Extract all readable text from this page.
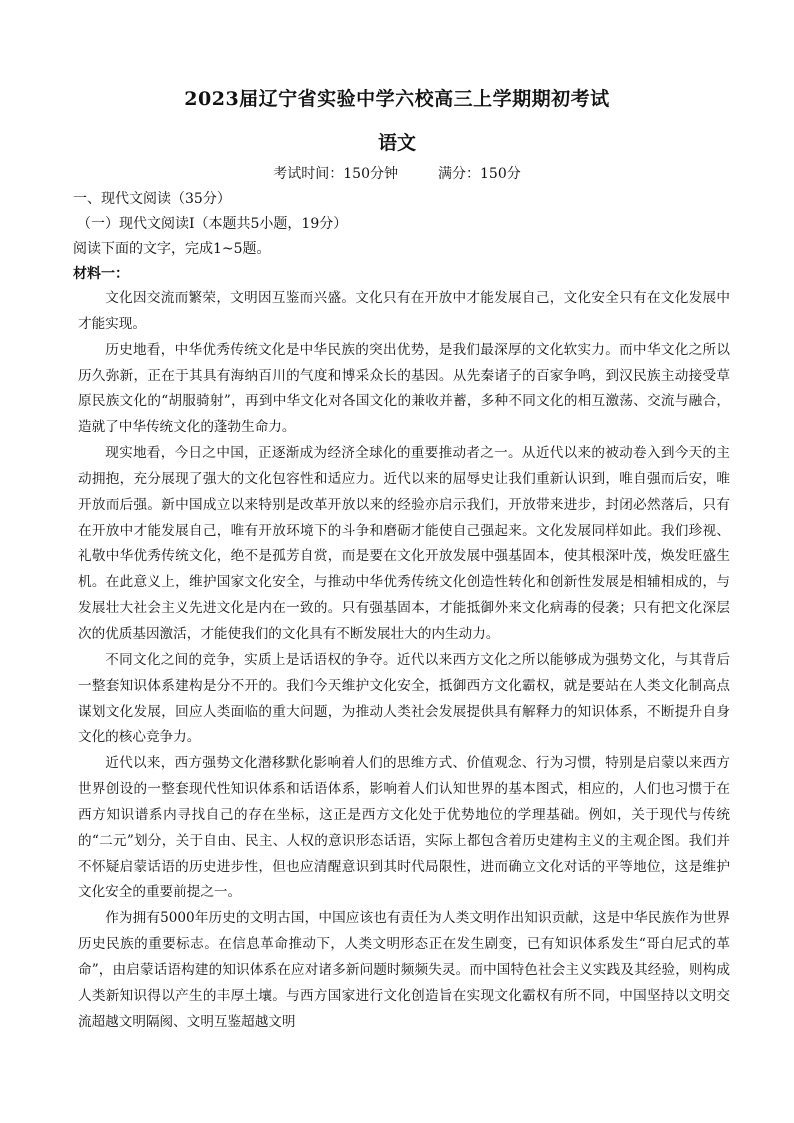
2023届辽宁省实验中学六校高三上学期期初考试
语文
考试时间：150分钟	满分：150分
一、现代文阅读（35分）
（一）现代文阅读Ⅰ（本题共5小题，19分）
阅读下面的文字，完成1~5题。
材料一：

文化因交流而繁荣，文明因互鉴而兴盛。文化只有在开放中才能发展自己，文化安全只有在文化发展中才能实现。

历史地看，中华优秀传统文化是中华民族的突出优势，是我们最深厚的文化软实力。而中华文化之所以历久弥新，正在于其具有海纳百川的气度和博采众长的基因。从先秦诸子的百家争鸣，到汉民族主动接受草原民族文化的“胡服骑射”，再到中华文化对各国文化的兼收并蓄，多种不同文化的相互激荡、交流与融合，造就了中华传统文化的蓬勃生命力。

现实地看，今日之中国，正逐渐成为经济全球化的重要推动者之一。从近代以来的被动卷入到今天的主动拥抱，充分展现了强大的文化包容性和适应力。近代以来的屈辱史让我们重新认识到，唯自强而后安，唯开放而后强。新中国成立以来特别是改革开放以来的经验亦启示我们，开放带来进步，封闭必然落后，只有在开放中才能发展自己，唯有开放环境下的斗争和磨砺才能使自己强起来。文化发展同样如此。我们珍视、礼敬中华优秀传统文化，绝不是孤芳自赏，而是要在文化开放发展中强基固本，使其根深叶茂，焕发旺盛生机。在此意义上，维护国家文化安全，与推动中华优秀传统文化创造性转化和创新性发展是相辅相成的，与发展壮大社会主义先进文化是内在一致的。只有强基固本，才能抵御外来文化病毒的侵袭；只有把文化深层次的优质基因激活，才能使我们的文化具有不断发展壮大的内生动力。

不同文化之间的竞争，实质上是话语权的争夺。近代以来西方文化之所以能够成为强势文化，与其背后一整套知识体系建构是分不开的。我们今天维护文化安全，抵御西方文化霸权，就是要站在人类文化制高点谋划文化发展，回应人类面临的重大问题，为推动人类社会发展提供具有解释力的知识体系，不断提升自身文化的核心竞争力。

近代以来，西方强势文化潜移默化影响着人们的思维方式、价值观念、行为习惯，特别是启蒙以来西方世界创设的一整套现代性知识体系和话语体系，影响着人们认知世界的基本图式，相应的，人们也习惯于在西方知识谱系内寻找自己的存在坐标，这正是西方文化处于优势地位的学理基础。例如，关于现代与传统的“二元”划分，关于自由、民主、人权的意识形态话语，实际上都包含着历史建构主义的主观企图。我们并不怀疑启蒙话语的历史进步性，但也应清醒意识到其时代局限性，进而确立文化对话的平等地位，这是维护文化安全的重要前提之一。

作为拥有5000年历史的文明古国，中国应该也有责任为人类文明作出知识贡献，这是中华民族作为世界历史民族的重要标志。在信息革命推动下，人类文明形态正在发生剧变，已有知识体系发生“哥白尼式的革命”，由启蒙话语构建的知识体系在应对诸多新问题时频频失灵。而中国特色社会主义实践及其经验，则构成人类新知识得以产生的丰厚土壤。与西方国家进行文化创造旨在实现文化霸权有所不同，中国坚持以文明交流超越文明隔阂、文明互鉴超越文明
